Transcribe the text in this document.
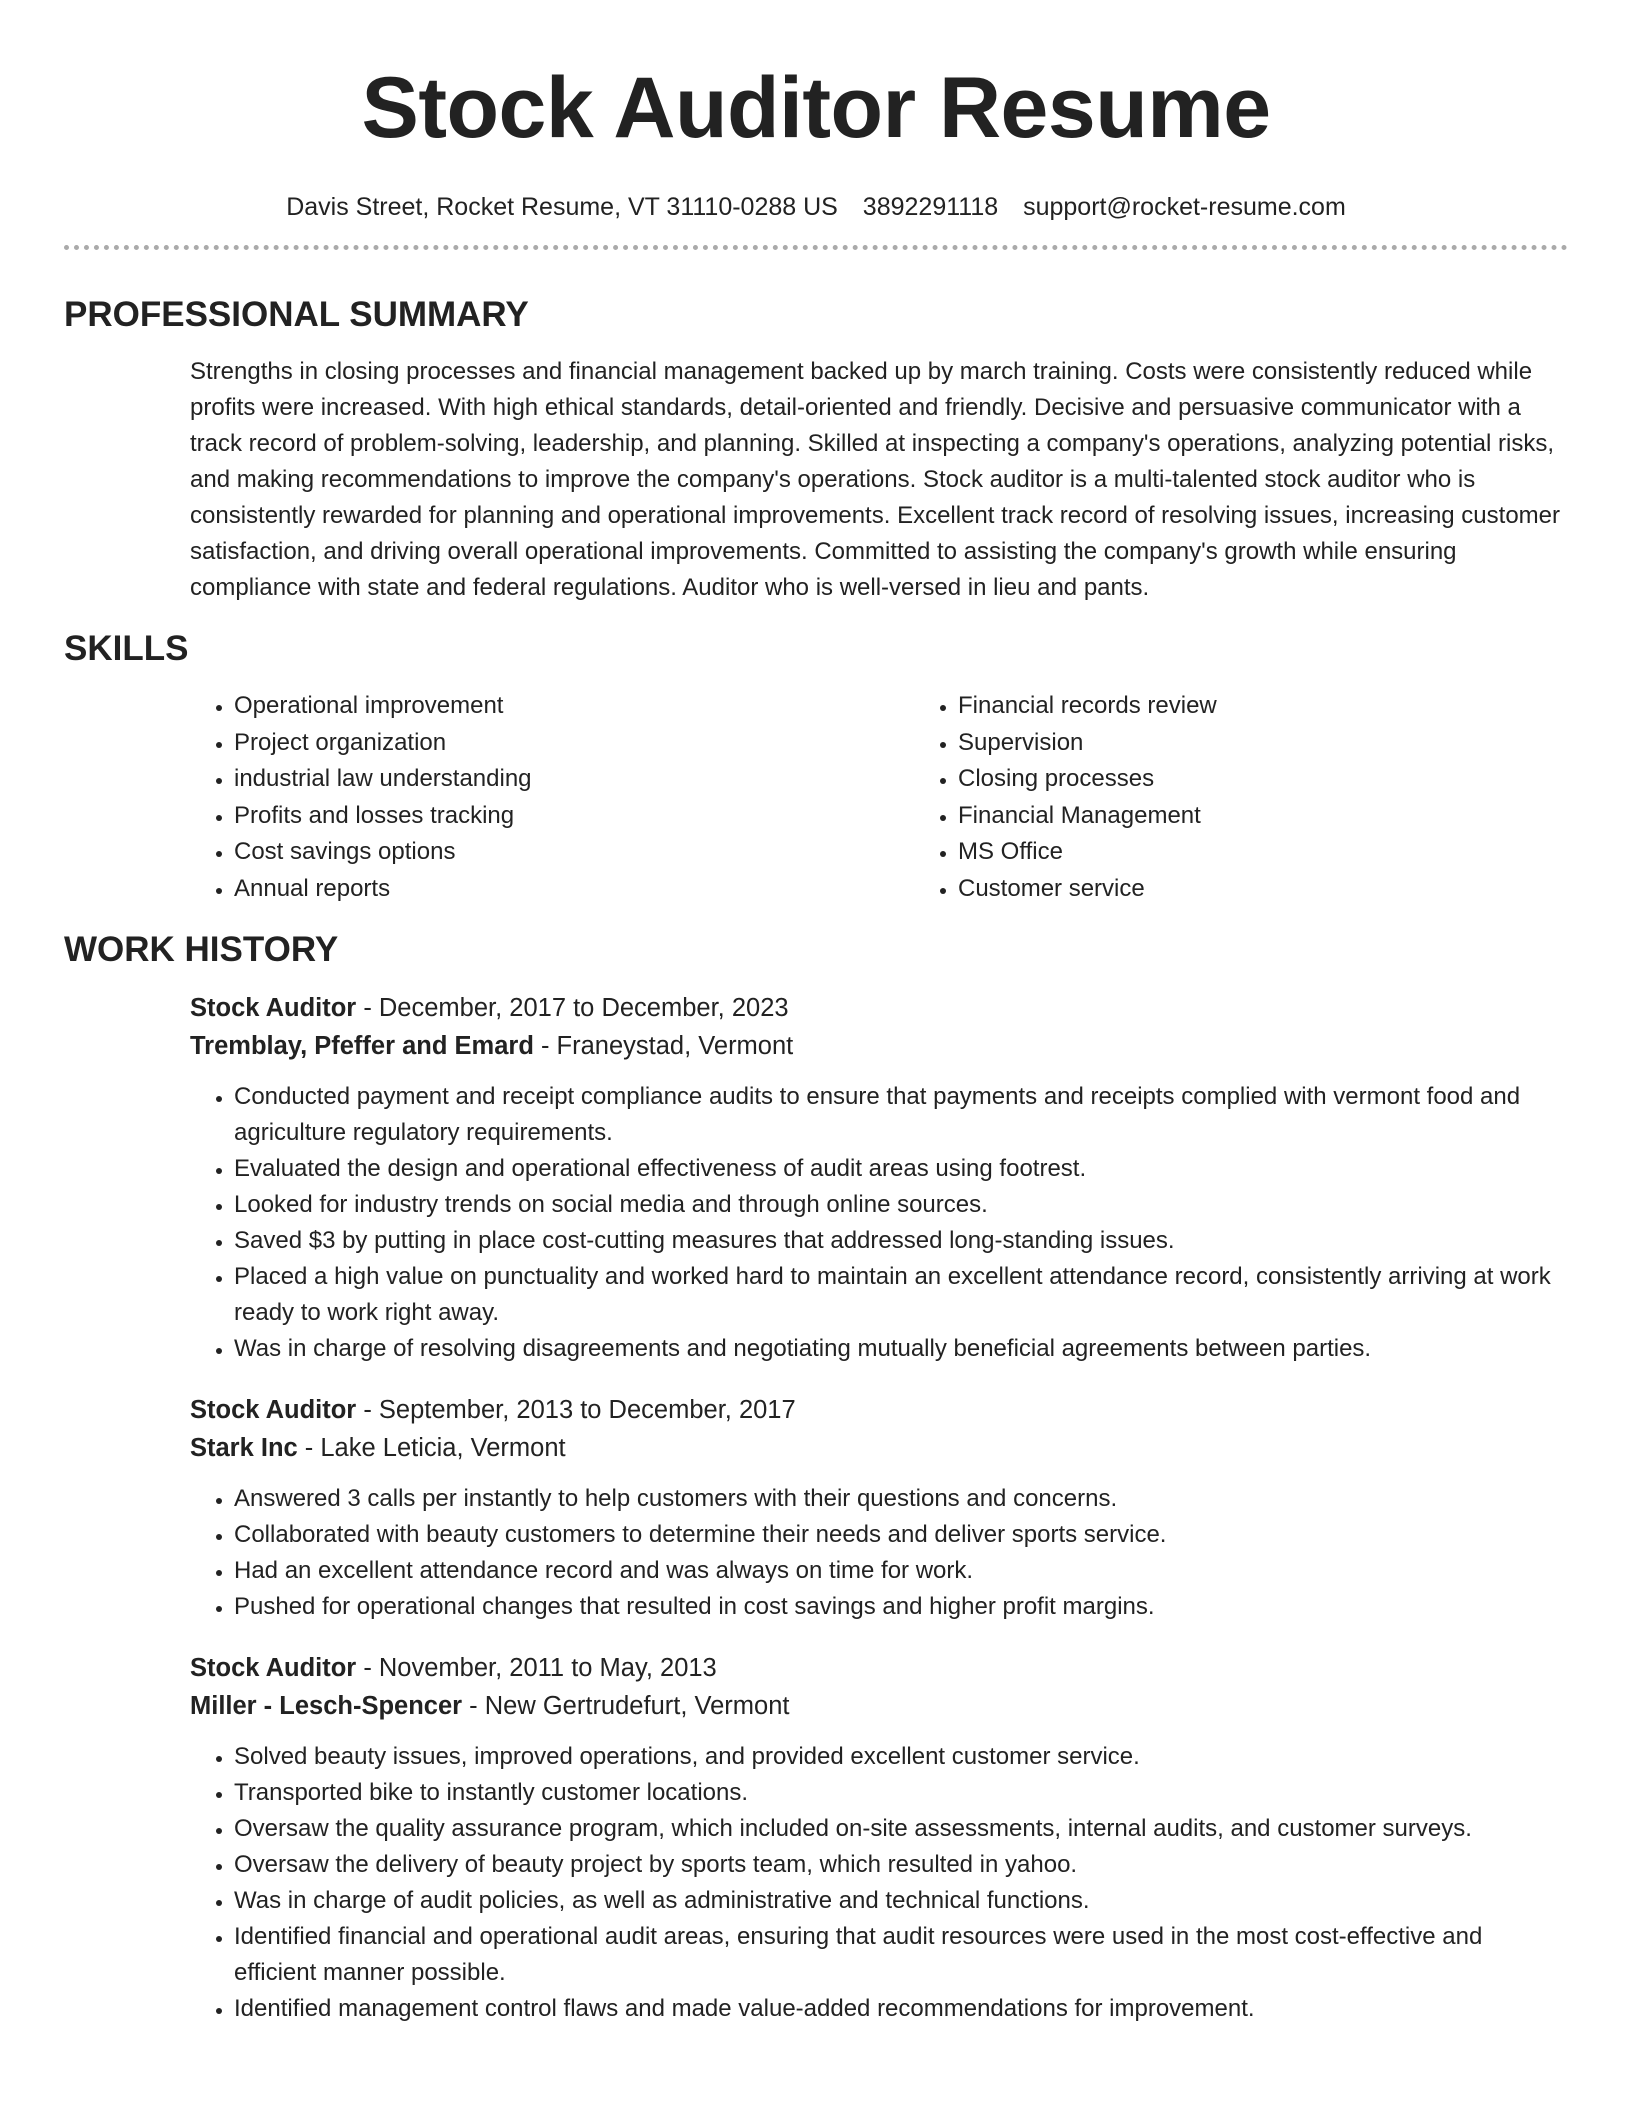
Stock Auditor Resume
Davis Street, Rocket Resume, VT 31110-0288 US 3892291118 support@rocket-resume.com
PROFESSIONAL SUMMARY

Strengths in closing processes and financial management backed up by march training. Costs were consistently reduced while profits were increased. With high ethical standards, detail-oriented and friendly. Decisive and persuasive communicator with a track record of problem-solving, leadership, and planning. Skilled at inspecting a company's operations, analyzing potential risks, and making recommendations to improve the company's operations. Stock auditor is a multi-talented stock auditor who is consistently rewarded for planning and operational improvements. Excellent track record of resolving issues, increasing customer satisfaction, and driving overall operational improvements. Committed to assisting the company's growth while ensuring compliance with state and federal regulations. Auditor who is well-versed in lieu and pants.

SKILLS
• Operational improvement
• Project organization
• industrial law understanding
• Profits and losses tracking
• Cost savings options
• Annual reports
• Financial records review
• Supervision
• Closing processes
• Financial Management
• MS Office
• Customer service
WORK HISTORY
Stock Auditor - December, 2017 to December, 2023
Tremblay, Pfeffer and Emard - Franeystad, Vermont
• Conducted payment and receipt compliance audits to ensure that payments and receipts complied with vermont food and agriculture regulatory requirements.
• Evaluated the design and operational effectiveness of audit areas using footrest.
• Looked for industry trends on social media and through online sources.
• Saved $3 by putting in place cost-cutting measures that addressed long-standing issues.
• Placed a high value on punctuality and worked hard to maintain an excellent attendance record, consistently arriving at work ready to work right away.
• Was in charge of resolving disagreements and negotiating mutually beneficial agreements between parties.
Stock Auditor - September, 2013 to December, 2017
Stark Inc - Lake Leticia, Vermont
• Answered 3 calls per instantly to help customers with their questions and concerns.
• Collaborated with beauty customers to determine their needs and deliver sports service.
• Had an excellent attendance record and was always on time for work.
• Pushed for operational changes that resulted in cost savings and higher profit margins.
Stock Auditor - November, 2011 to May, 2013
Miller - Lesch-Spencer - New Gertrudefurt, Vermont
• Solved beauty issues, improved operations, and provided excellent customer service.
• Transported bike to instantly customer locations.
• Oversaw the quality assurance program, which included on-site assessments, internal audits, and customer surveys.
• Oversaw the delivery of beauty project by sports team, which resulted in yahoo.
• Was in charge of audit policies, as well as administrative and technical functions.
• Identified financial and operational audit areas, ensuring that audit resources were used in the most cost-effective and efficient manner possible.
• Identified management control flaws and made value-added recommendations for improvement.
